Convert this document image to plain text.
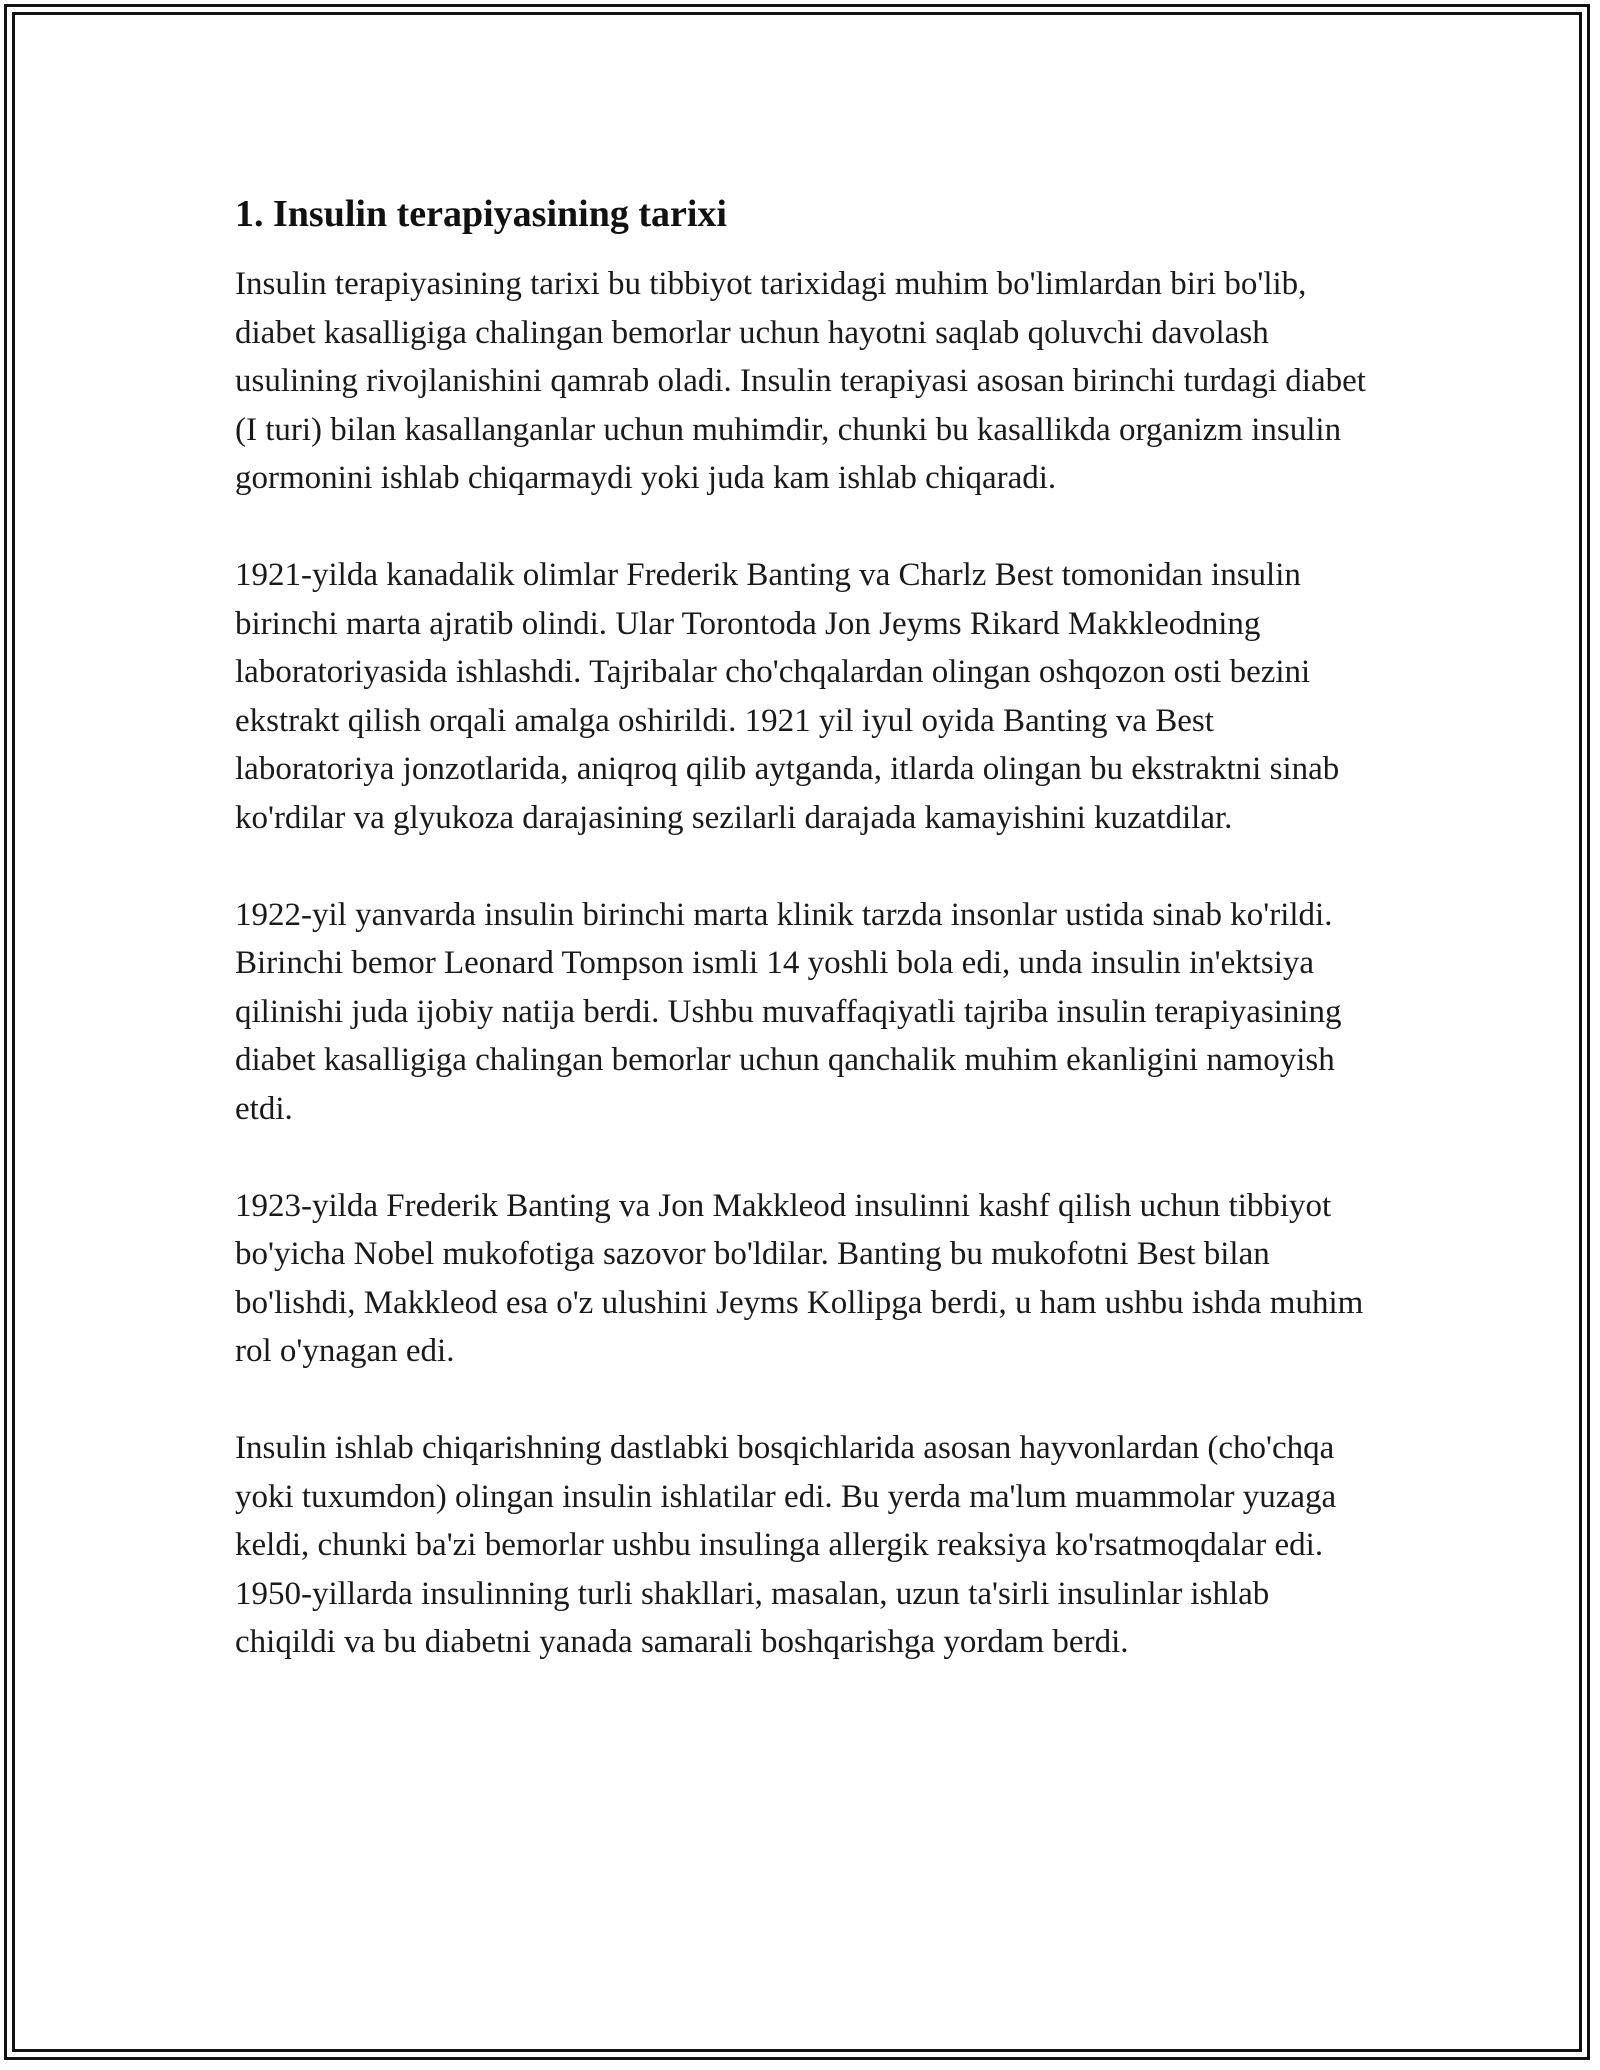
1. Insulin terapiyasining tarixi

Insulin terapiyasining tarixi bu tibbiyot tarixidagi muhim bo'limlardan biri bo'lib, diabet kasalligiga chalingan bemorlar uchun hayotni saqlab qoluvchi davolash usulining rivojlanishini qamrab oladi. Insulin terapiyasi asosan birinchi turdagi diabet (I turi) bilan kasallanganlar uchun muhimdir, chunki bu kasallikda organizm insulin gormonini ishlab chiqarmaydi yoki juda kam ishlab chiqaradi.

1921-yilda kanadalik olimlar Frederik Banting va Charlz Best tomonidan insulin birinchi marta ajratib olindi. Ular Torontoda Jon Jeyms Rikard Makkleodning laboratoriyasida ishlashdi. Tajribalar cho'chqalardan olingan oshqozon osti bezini ekstrakt qilish orqali amalga oshirildi. 1921 yil iyul oyida Banting va Best laboratoriya jonzotlarida, aniqroq qilib aytganda, itlarda olingan bu ekstraktni sinab ko'rdilar va glyukoza darajasining sezilarli darajada kamayishini kuzatdilar.

1922-yil yanvarda insulin birinchi marta klinik tarzda insonlar ustida sinab ko'rildi. Birinchi bemor Leonard Tompson ismli 14 yoshli bola edi, unda insulin in'ektsiya qilinishi juda ijobiy natija berdi. Ushbu muvaffaqiyatli tajriba insulin terapiyasining diabet kasalligiga chalingan bemorlar uchun qanchalik muhim ekanligini namoyish etdi.

1923-yilda Frederik Banting va Jon Makkleod insulinni kashf qilish uchun tibbiyot bo'yicha Nobel mukofotiga sazovor bo'ldilar. Banting bu mukofotni Best bilan bo'lishdi, Makkleod esa o'z ulushini Jeyms Kollipga berdi, u ham ushbu ishda muhim rol o'ynagan edi.

Insulin ishlab chiqarishning dastlabki bosqichlarida asosan hayvonlardan (cho'chqa yoki tuxumdon) olingan insulin ishlatilar edi. Bu yerda ma'lum muammolar yuzaga keldi, chunki ba'zi bemorlar ushbu insulinga allergik reaksiya ko'rsatmoqdalar edi. 1950-yillarda insulinning turli shakllari, masalan, uzun ta'sirli insulinlar ishlab chiqildi va bu diabetni yanada samarali boshqarishga yordam berdi.
